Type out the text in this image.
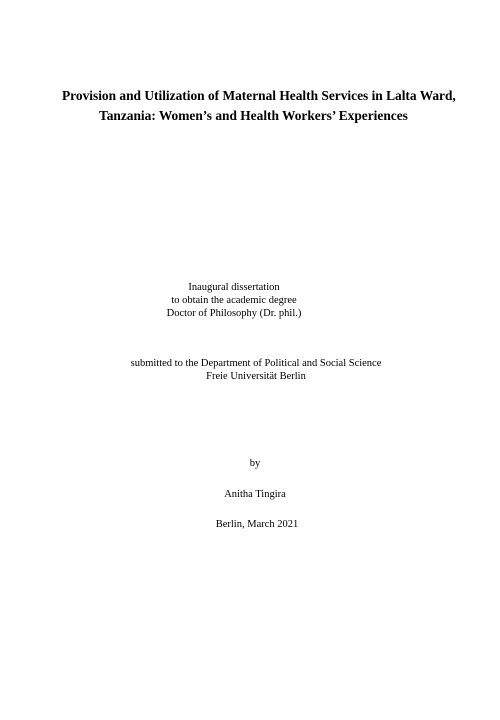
Provision and Utilization of Maternal Health Services in Lalta Ward,
Tanzania: Women’s and Health Workers’ Experiences
Inaugural dissertation
to obtain the academic degree
Doctor of Philosophy (Dr. phil.)
submitted to the Department of Political and Social Science
Freie Universität Berlin
by
Anitha Tingira
Berlin, March 2021
